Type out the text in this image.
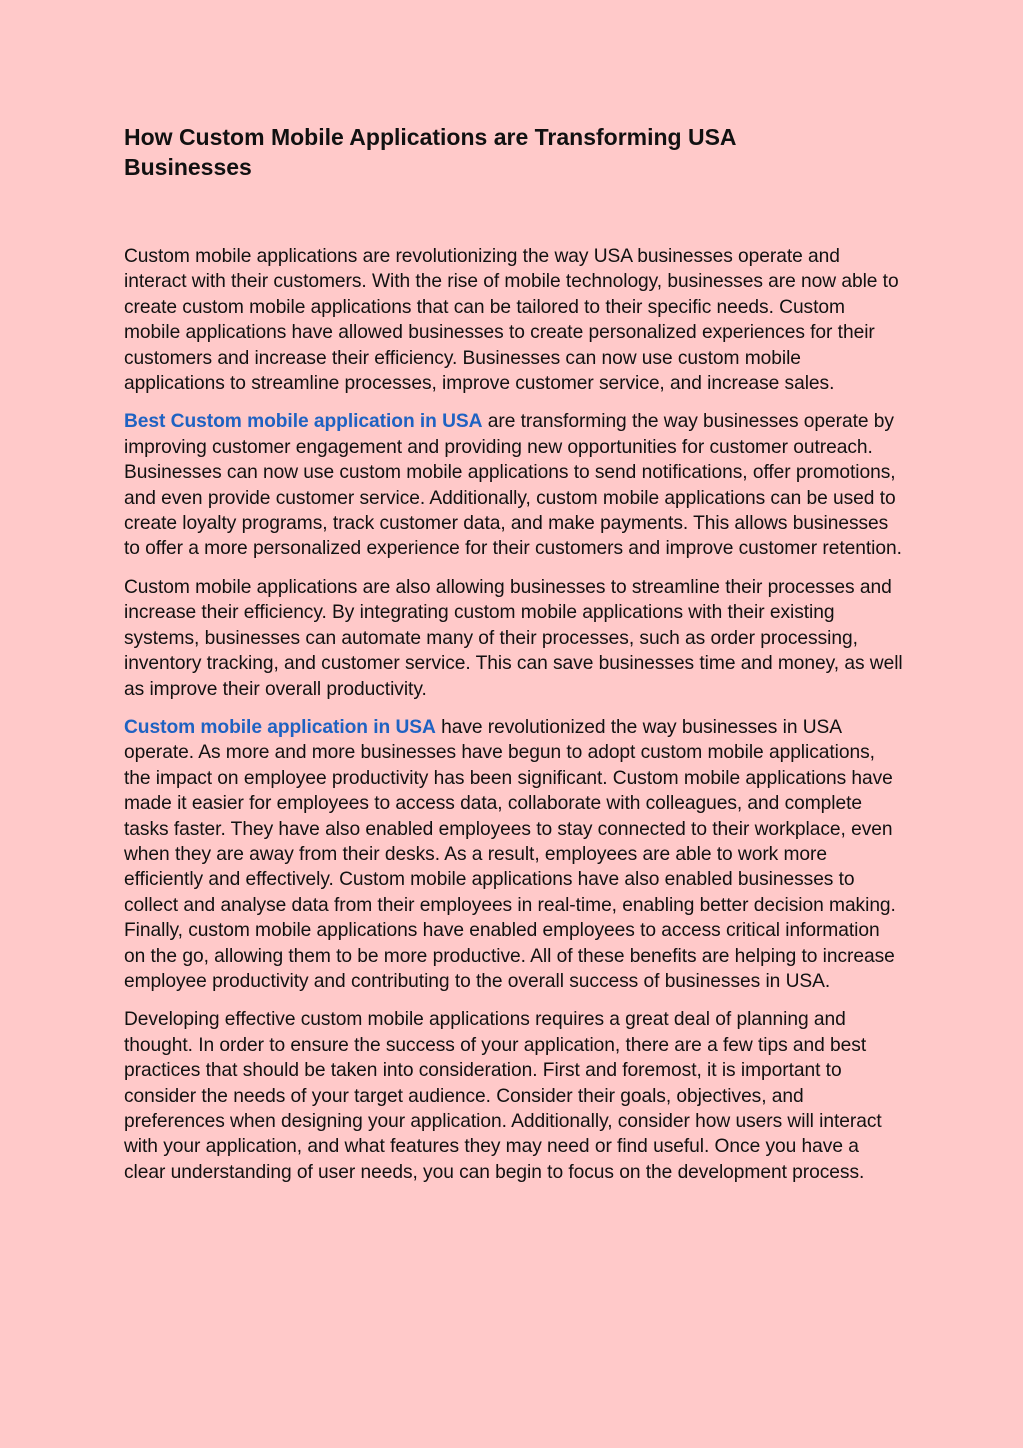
How Custom Mobile Applications are Transforming USA Businesses

Custom mobile applications are revolutionizing the way USA businesses operate and interact with their customers. With the rise of mobile technology, businesses are now able to create custom mobile applications that can be tailored to their specific needs. Custom mobile applications have allowed businesses to create personalized experiences for their customers and increase their efficiency. Businesses can now use custom mobile applications to streamline processes, improve customer service, and increase sales.

Best Custom mobile application in USA are transforming the way businesses operate by improving customer engagement and providing new opportunities for customer outreach. Businesses can now use custom mobile applications to send notifications, offer promotions, and even provide customer service. Additionally, custom mobile applications can be used to create loyalty programs, track customer data, and make payments. This allows businesses to offer a more personalized experience for their customers and improve customer retention.

Custom mobile applications are also allowing businesses to streamline their processes and increase their efficiency. By integrating custom mobile applications with their existing systems, businesses can automate many of their processes, such as order processing, inventory tracking, and customer service. This can save businesses time and money, as well as improve their overall productivity.

Custom mobile application in USA have revolutionized the way businesses in USA operate. As more and more businesses have begun to adopt custom mobile applications, the impact on employee productivity has been significant. Custom mobile applications have made it easier for employees to access data, collaborate with colleagues, and complete tasks faster. They have also enabled employees to stay connected to their workplace, even when they are away from their desks. As a result, employees are able to work more efficiently and effectively. Custom mobile applications have also enabled businesses to collect and analyse data from their employees in real-time, enabling better decision making. Finally, custom mobile applications have enabled employees to access critical information on the go, allowing them to be more productive. All of these benefits are helping to increase employee productivity and contributing to the overall success of businesses in USA.

Developing effective custom mobile applications requires a great deal of planning and thought. In order to ensure the success of your application, there are a few tips and best practices that should be taken into consideration. First and foremost, it is important to consider the needs of your target audience. Consider their goals, objectives, and preferences when designing your application. Additionally, consider how users will interact with your application, and what features they may need or find useful. Once you have a clear understanding of user needs, you can begin to focus on the development process.
